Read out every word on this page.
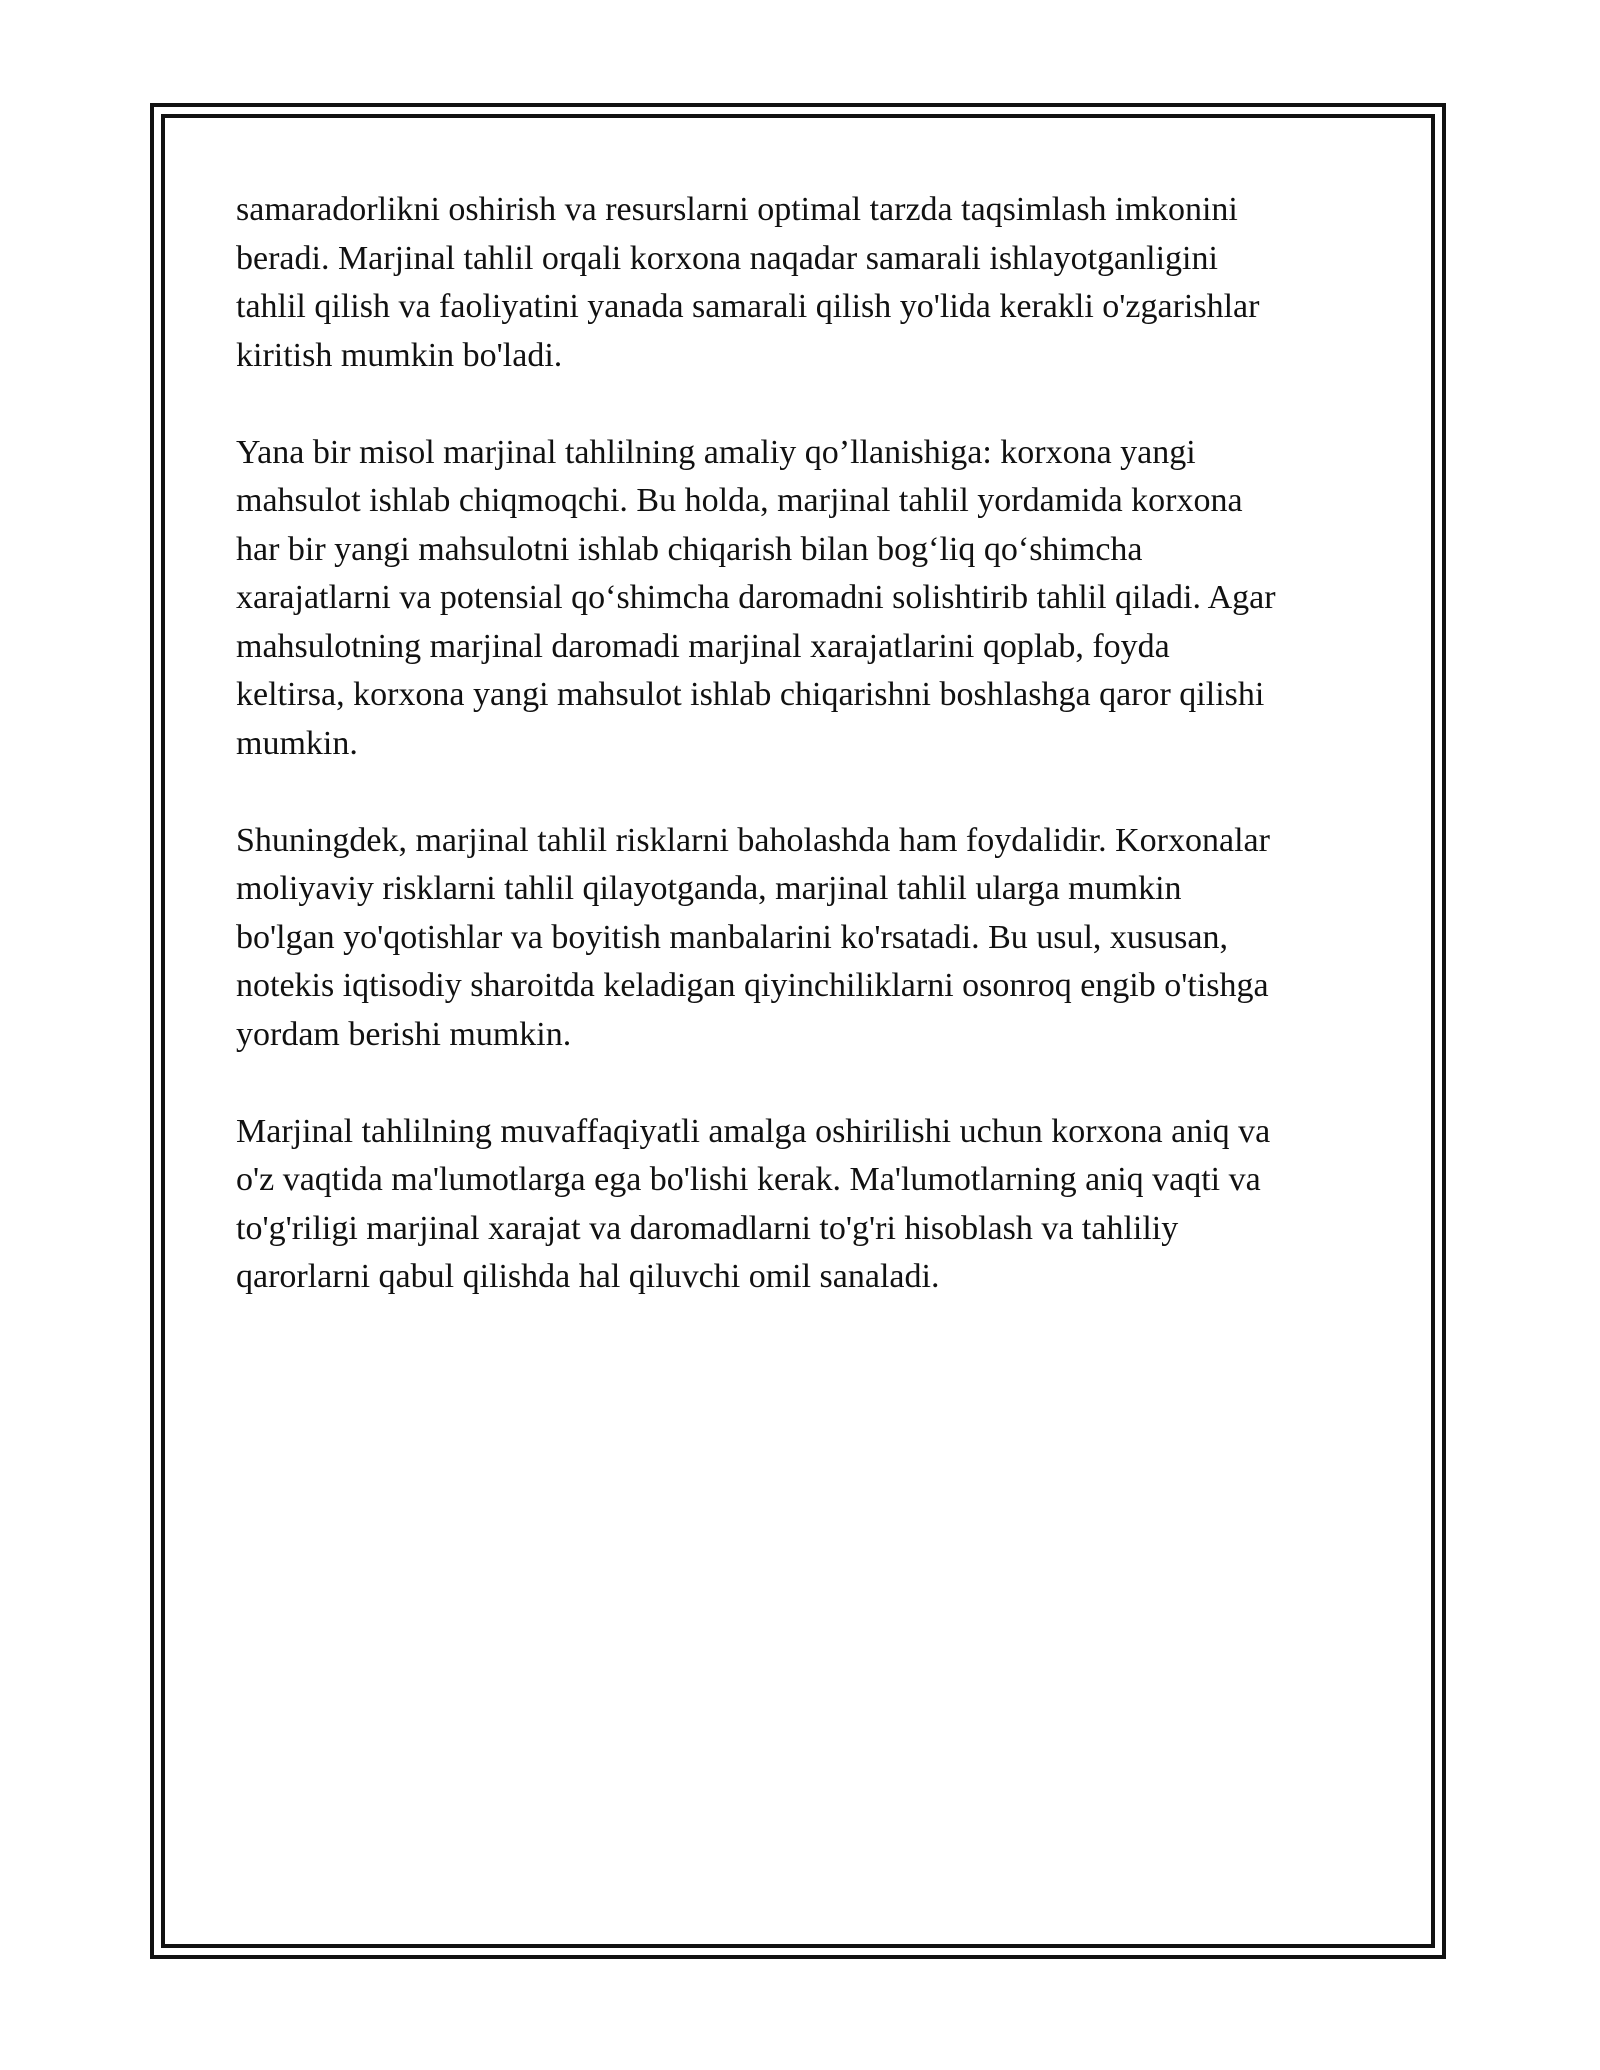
samaradorlikni oshirish va resurslarni optimal tarzda taqsimlash imkonini
beradi. Marjinal tahlil orqali korxona naqadar samarali ishlayotganligini
tahlil qilish va faoliyatini yanada samarali qilish yo'lida kerakli o'zgarishlar
kiritish mumkin bo'ladi.

Yana bir misol marjinal tahlilning amaliy qo’llanishiga: korxona yangi
mahsulot ishlab chiqmoqchi. Bu holda, marjinal tahlil yordamida korxona
har bir yangi mahsulotni ishlab chiqarish bilan bog‘liq qo‘shimcha
xarajatlarni va potensial qo‘shimcha daromadni solishtirib tahlil qiladi. Agar
mahsulotning marjinal daromadi marjinal xarajatlarini qoplab, foyda
keltirsa, korxona yangi mahsulot ishlab chiqarishni boshlashga qaror qilishi
mumkin.

Shuningdek, marjinal tahlil risklarni baholashda ham foydalidir. Korxonalar
moliyaviy risklarni tahlil qilayotganda, marjinal tahlil ularga mumkin
bo'lgan yo'qotishlar va boyitish manbalarini ko'rsatadi. Bu usul, xususan,
notekis iqtisodiy sharoitda keladigan qiyinchiliklarni osonroq engib o'tishga
yordam berishi mumkin.

Marjinal tahlilning muvaffaqiyatli amalga oshirilishi uchun korxona aniq va
o'z vaqtida ma'lumotlarga ega bo'lishi kerak. Ma'lumotlarning aniq vaqti va
to'g'riligi marjinal xarajat va daromadlarni to'g'ri hisoblash va tahliliy
qarorlarni qabul qilishda hal qiluvchi omil sanaladi.
